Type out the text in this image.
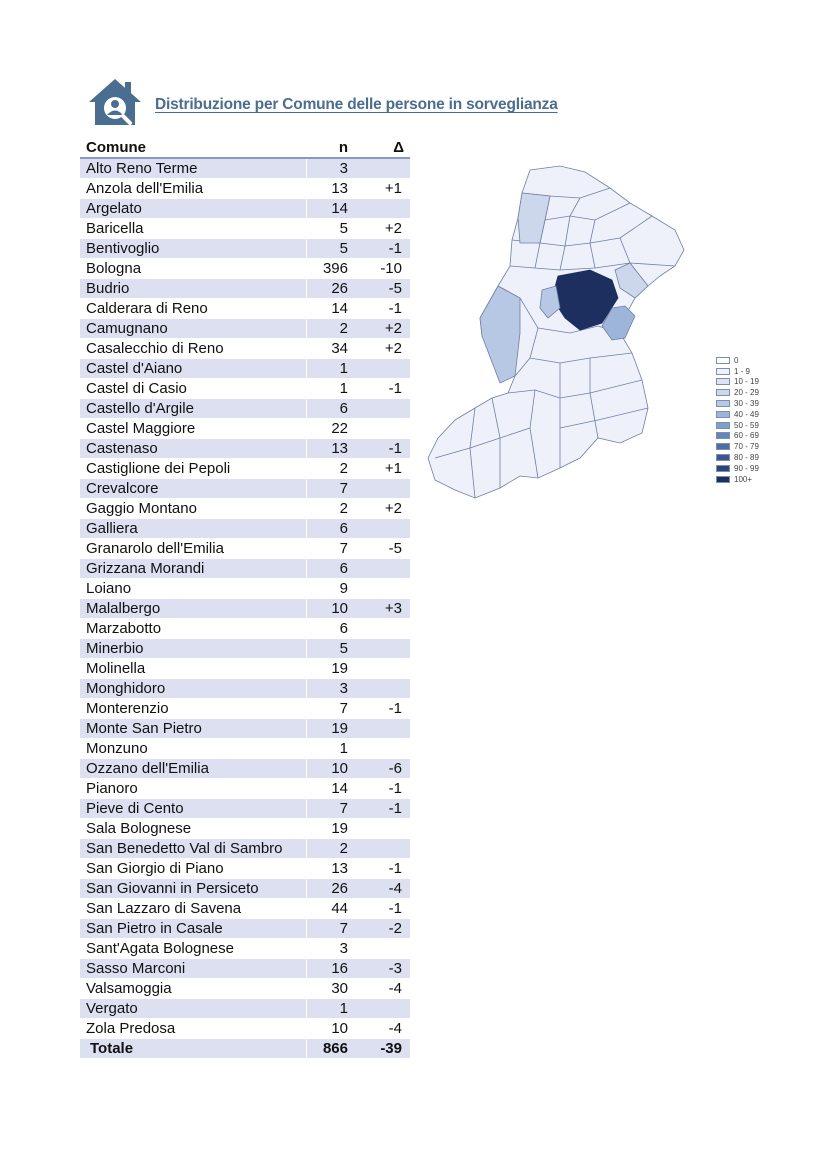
Distribuzione per Comune delle persone in sorveglianza
Comune	n	Δ
Alto Reno Terme	3	
Anzola dell'Emilia	13	+1
Argelato	14	
Baricella	5	+2
Bentivoglio	5	-1
Bologna	396	-10
Budrio	26	-5
Calderara di Reno	14	-1
Camugnano	2	+2
Casalecchio di Reno	34	+2
Castel d'Aiano	1	
Castel di Casio	1	-1
Castello d'Argile	6	
Castel Maggiore	22	
Castenaso	13	-1
Castiglione dei Pepoli	2	+1
Crevalcore	7	
Gaggio Montano	2	+2
Galliera	6	
Granarolo dell'Emilia	7	-5
Grizzana Morandi	6	
Loiano	9	
Malalbergo	10	+3
Marzabotto	6	
Minerbio	5	
Molinella	19	
Monghidoro	3	
Monterenzio	7	-1
Monte San Pietro	19	
Monzuno	1	
Ozzano dell'Emilia	10	-6
Pianoro	14	-1
Pieve di Cento	7	-1
Sala Bolognese	19	
San Benedetto Val di Sambro	2	
San Giorgio di Piano	13	-1
San Giovanni in Persiceto	26	-4
San Lazzaro di Savena	44	-1
San Pietro in Casale	7	-2
Sant'Agata Bolognese	3	
Sasso Marconi	16	-3
Valsamoggia	30	-4
Vergato	1	
Zola Predosa	10	-4
Totale	866	-39
0
1 - 9
10 - 19
20 - 29
30 - 39
40 - 49
50 - 59
60 - 69
70 - 79
80 - 89
90 - 99
100+
